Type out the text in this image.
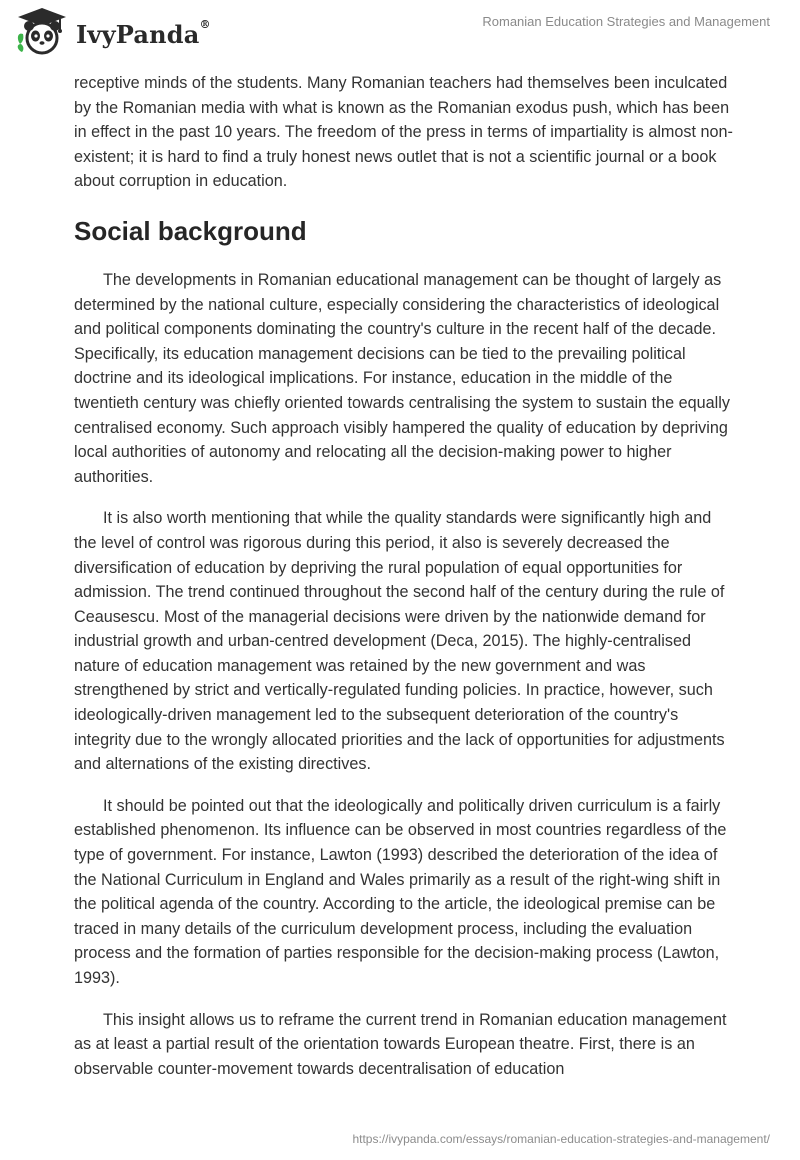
IvyPanda®	Romanian Education Strategies and Management

receptive minds of the students. Many Romanian teachers had themselves been inculcated by the Romanian media with what is known as the Romanian exodus push, which has been in effect in the past 10 years. The freedom of the press in terms of impartiality is almost non-existent; it is hard to find a truly honest news outlet that is not a scientific journal or a book about corruption in education.

Social background

The developments in Romanian educational management can be thought of largely as determined by the national culture, especially considering the characteristics of ideological and political components dominating the country's culture in the recent half of the decade. Specifically, its education management decisions can be tied to the prevailing political doctrine and its ideological implications. For instance, education in the middle of the twentieth century was chiefly oriented towards centralising the system to sustain the equally centralised economy. Such approach visibly hampered the quality of education by depriving local authorities of autonomy and relocating all the decision-making power to higher authorities.

It is also worth mentioning that while the quality standards were significantly high and the level of control was rigorous during this period, it also is severely decreased the diversification of education by depriving the rural population of equal opportunities for admission. The trend continued throughout the second half of the century during the rule of Ceausescu. Most of the managerial decisions were driven by the nationwide demand for industrial growth and urban-centred development (Deca, 2015). The highly-centralised nature of education management was retained by the new government and was strengthened by strict and vertically-regulated funding policies. In practice, however, such ideologically-driven management led to the subsequent deterioration of the country's integrity due to the wrongly allocated priorities and the lack of opportunities for adjustments and alternations of the existing directives.

It should be pointed out that the ideologically and politically driven curriculum is a fairly established phenomenon. Its influence can be observed in most countries regardless of the type of government. For instance, Lawton (1993) described the deterioration of the idea of the National Curriculum in England and Wales primarily as a result of the right-wing shift in the political agenda of the country. According to the article, the ideological premise can be traced in many details of the curriculum development process, including the evaluation process and the formation of parties responsible for the decision-making process (Lawton, 1993).

This insight allows us to reframe the current trend in Romanian education management as at least a partial result of the orientation towards European theatre. First, there is an observable counter-movement towards decentralisation of education

https://ivypanda.com/essays/romanian-education-strategies-and-management/
